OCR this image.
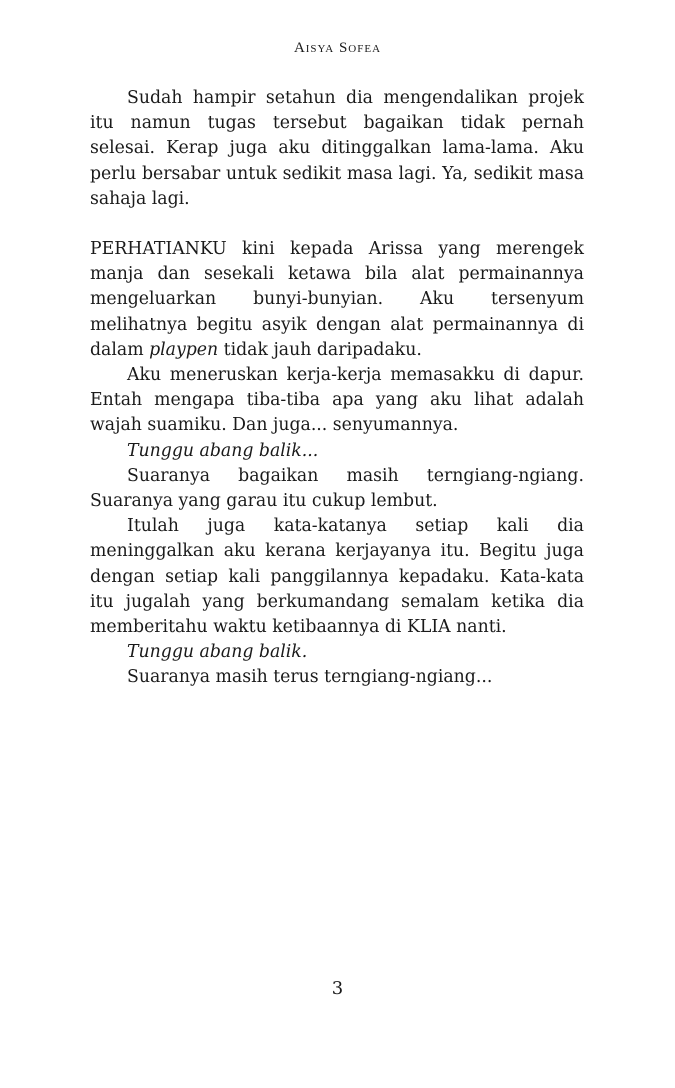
Aisya Sofea

Sudah hampir setahun dia mengendalikan projek itu namun tugas tersebut bagaikan tidak pernah selesai. Kerap juga aku ditinggalkan lama-lama. Aku perlu bersabar untuk sedikit masa lagi. Ya, sedikit masa sahaja lagi.

PERHATIANKU kini kepada Arissa yang merengek manja dan sesekali ketawa bila alat permainannya mengeluarkan bunyi-bunyian. Aku tersenyum melihatnya begitu asyik dengan alat permainannya di dalam playpen tidak jauh daripadaku.

Aku meneruskan kerja-kerja memasakku di dapur. Entah mengapa tiba-tiba apa yang aku lihat adalah wajah suamiku. Dan juga... senyumannya.

Tunggu abang balik...

Suaranya bagaikan masih terngiang-ngiang. Suaranya yang garau itu cukup lembut.

Itulah juga kata-katanya setiap kali dia meninggalkan aku kerana kerjayanya itu. Begitu juga dengan setiap kali panggilannya kepadaku. Kata-kata itu jugalah yang berkumandang semalam ketika dia memberitahu waktu ketibaannya di KLIA nanti.

Tunggu abang balik.

Suaranya masih terus terngiang-ngiang...

3
